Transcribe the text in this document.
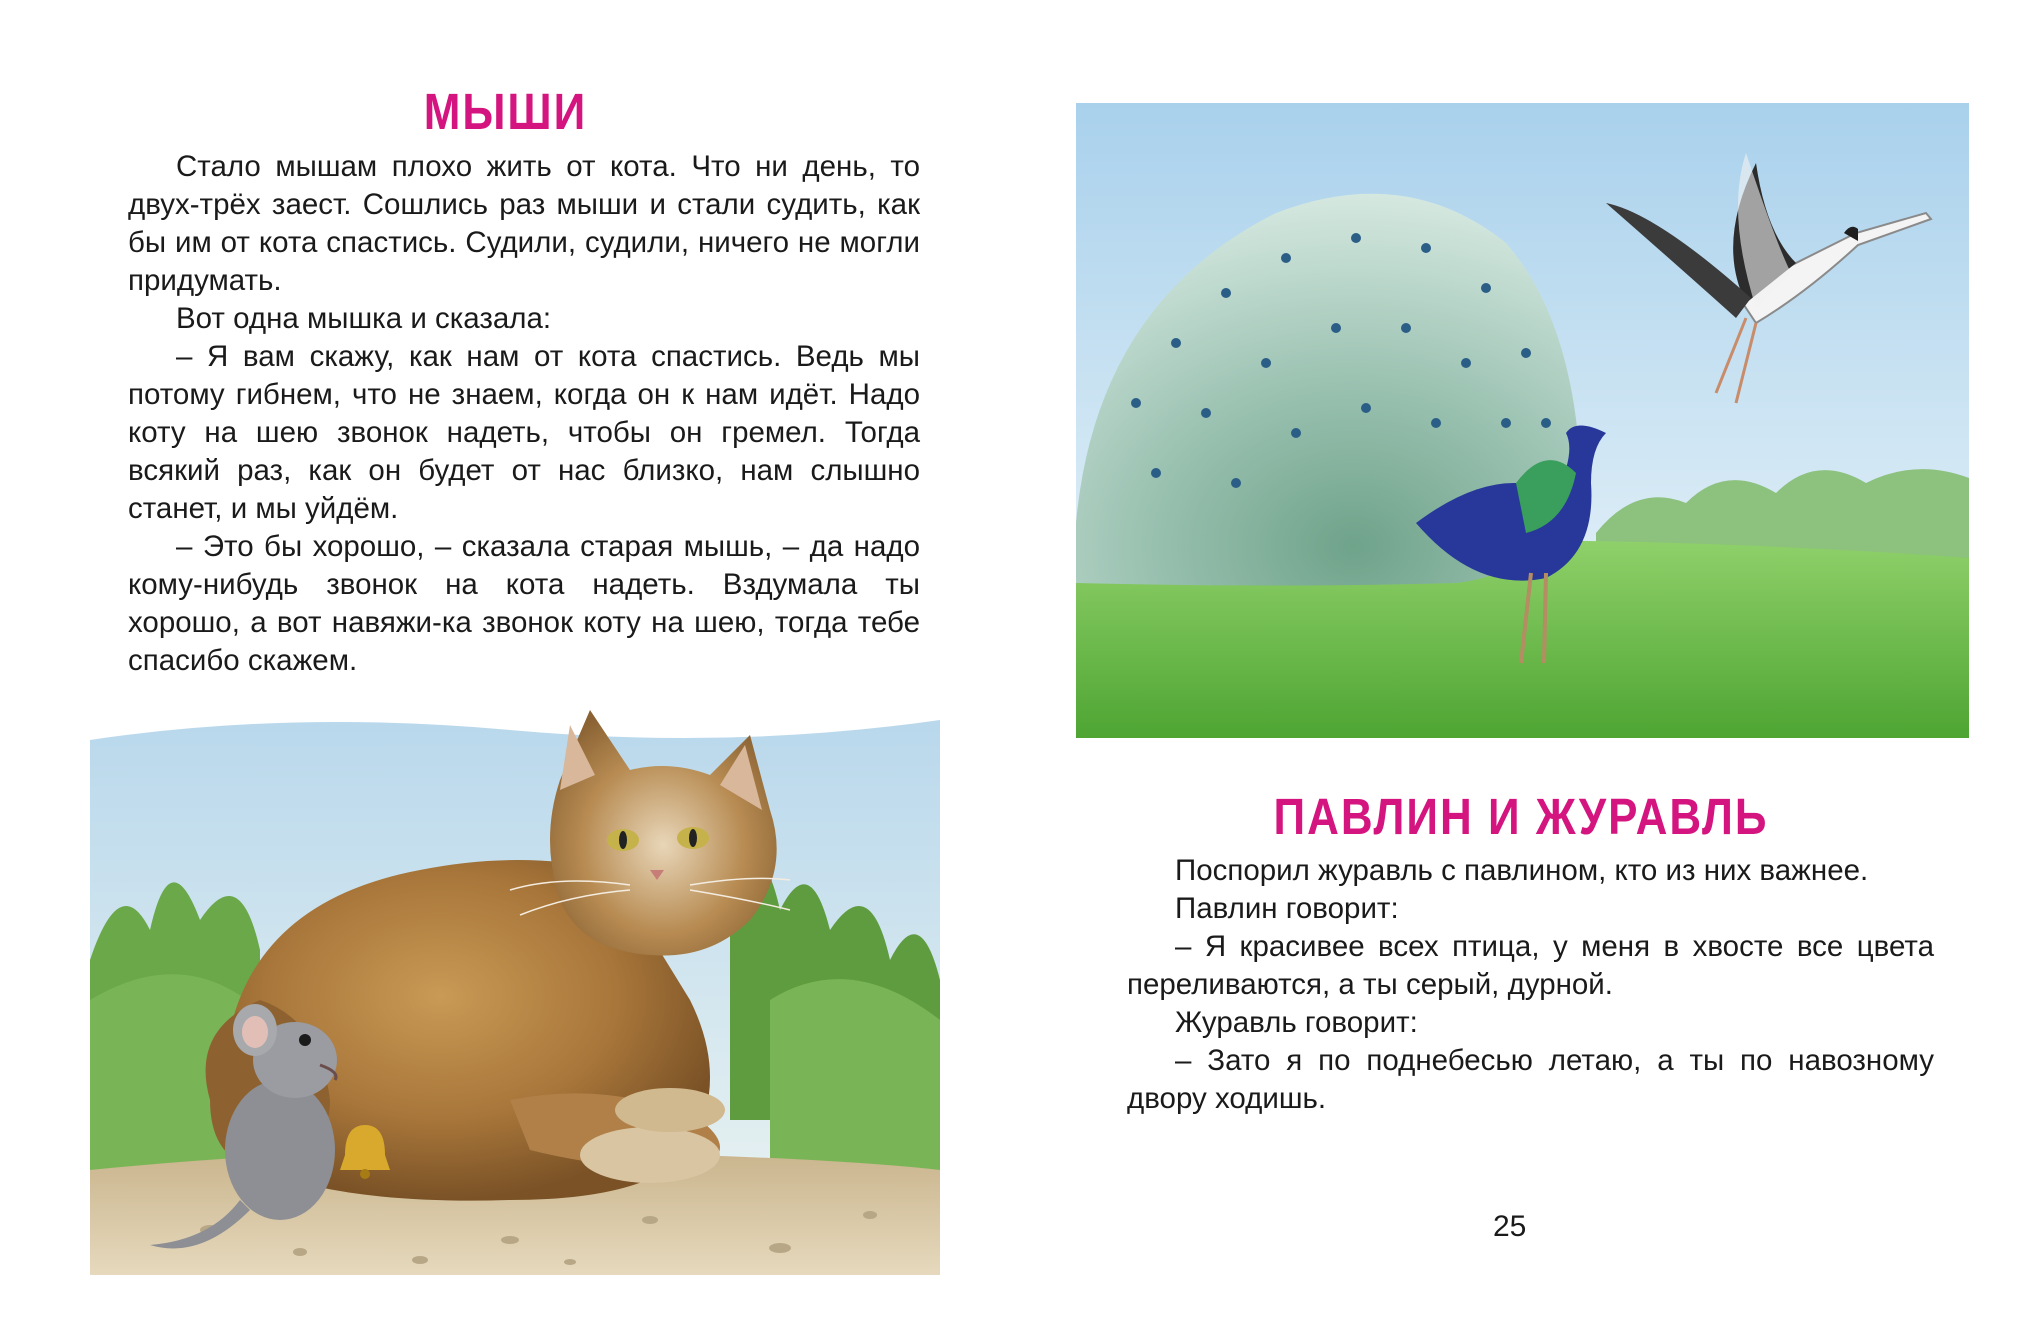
МЫШИ

Стало мышам плохо жить от кота. Что ни день, то двух-трёх заест. Сошлись раз мыши и стали судить, как бы им от кота спастись. Судили, судили, ничего не могли придумать.

Вот одна мышка и сказала:

– Я вам скажу, как нам от кота спастись. Ведь мы потому гибнем, что не знаем, когда он к нам идёт. Надо коту на шею звонок надеть, чтобы он гремел. Тогда всякий раз, как он будет от нас близко, нам слышно станет, и мы уйдём.

– Это бы хорошо, – сказала старая мышь, – да надо кому-нибудь звонок на кота надеть. Вздумала ты хорошо, а вот навяжи-ка звонок коту на шею, тогда тебе спасибо скажем.

ПАВЛИН И ЖУРАВЛЬ

Поспорил журавль с павлином, кто из них важнее.

Павлин говорит:

– Я красивее всех птица, у меня в хвосте все цвета переливаются, а ты серый, дурной.

Журавль говорит:

– Зато я по поднебесью летаю, а ты по навозному двору ходишь.

25
